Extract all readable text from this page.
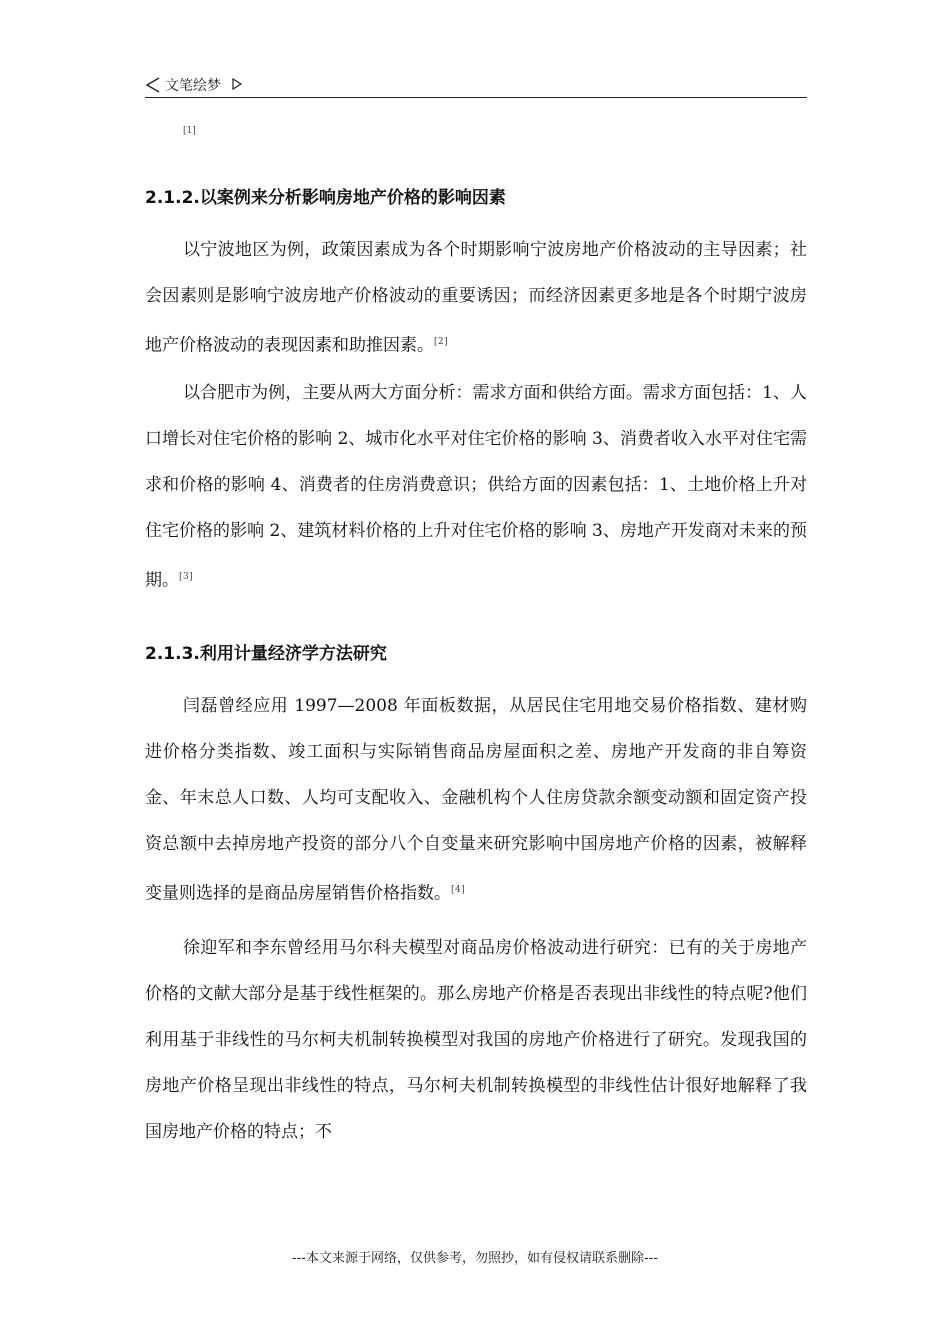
文笔绘梦
[1]
2.1.2.以案例来分析影响房地产价格的影响因素
以宁波地区为例，政策因素成为各个时期影响宁波房地产价格波动的主导因素；社会因素则是影响宁波房地产价格波动的重要诱因；而经济因素更多地是各个时期宁波房地产价格波动的表现因素和助推因素。[2]
以合肥市为例，主要从两大方面分析：需求方面和供给方面。需求方面包括：1、人口增长对住宅价格的影响 2、城市化水平对住宅价格的影响 3、消费者收入水平对住宅需求和价格的影响 4、消费者的住房消费意识；供给方面的因素包括：1、土地价格上升对住宅价格的影响 2、建筑材料价格的上升对住宅价格的影响 3、房地产开发商对未来的预期。[3]
2.1.3.利用计量经济学方法研究
闫磊曾经应用 1997—2008 年面板数据，从居民住宅用地交易价格指数、建材购进价格分类指数、竣工面积与实际销售商品房屋面积之差、房地产开发商的非自筹资金、年末总人口数、人均可支配收入、金融机构个人住房贷款余额变动额和固定资产投资总额中去掉房地产投资的部分八个自变量来研究影响中国房地产价格的因素，被解释变量则选择的是商品房屋销售价格指数。[4]
徐迎军和李东曾经用马尔科夫模型对商品房价格波动进行研究：已有的关于房地产价格的文献大部分是基于线性框架的。那么房地产价格是否表现出非线性的特点呢?他们利用基于非线性的马尔柯夫机制转换模型对我国的房地产价格进行了研究。发现我国的房地产价格呈现出非线性的特点，马尔柯夫机制转换模型的非线性估计很好地解释了我国房地产价格的特点；不
---本文来源于网络，仅供参考，勿照抄，如有侵权请联系删除---
